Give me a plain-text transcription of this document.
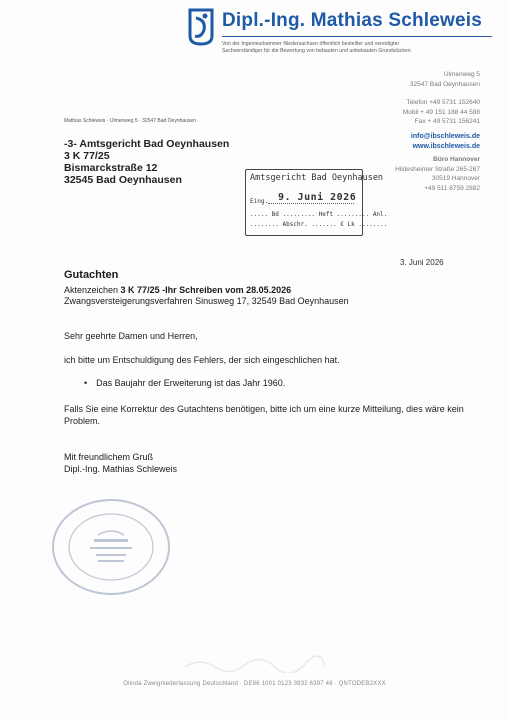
Dipl.-Ing. Mathias Schleweis
Von der Ingenieurkammer Niedersachsen öffentlich bestellter und vereidigter
Sachverständiger für die Bewertung von bebauten und unbebauten Grundstücken
Ulmenweg 5
32547 Bad Oeynhausen
Telefon +49 5731 152640
Mobil + 49 151 188 44 588
Fax + 49 5731 156241
info@ibschleweis.de
www.ibschleweis.de
Büro Hannover
Hildesheimer Straße 265-267
30519 Hannover
+49 511 8759 2882
Mathias Schleweis · Ulmenweg 5 · 32547 Bad Oeynhausen
-3- Amtsgericht Bad Oeynhausen
3 K 77/25
Bismarckstraße 12
32545 Bad Oeynhausen	Amtsgericht Bad Oeynhausen
Eing. 9. Juni 2026
..... Bd ......... Heft ......... Anl.
........ Abschr. ....... € Lk ........
3. Juni 2026
Gutachten
Aktenzeichen 3 K 77/25 -Ihr Schreiben vom 28.05.2026
Zwangsversteigerungsverfahren Sinusweg 17, 32549 Bad Oeynhausen
Sehr geehrte Damen und Herren,
ich bitte um Entschuldigung des Fehlers, der sich eingeschlichen hat.
• Das Baujahr der Erweiterung ist das Jahr 1960.
Falls Sie eine Korrektur des Gutachtens benötigen, bitte ich um eine kurze Mitteilung, dies wäre kein Problem.
Mit freundlichem Gruß
Dipl.-Ing. Mathias Schleweis
Olinda Zweigniederlassung Deutschland · DE96 1001 0123 3932 6397 46 · QNTODEB2XXX
